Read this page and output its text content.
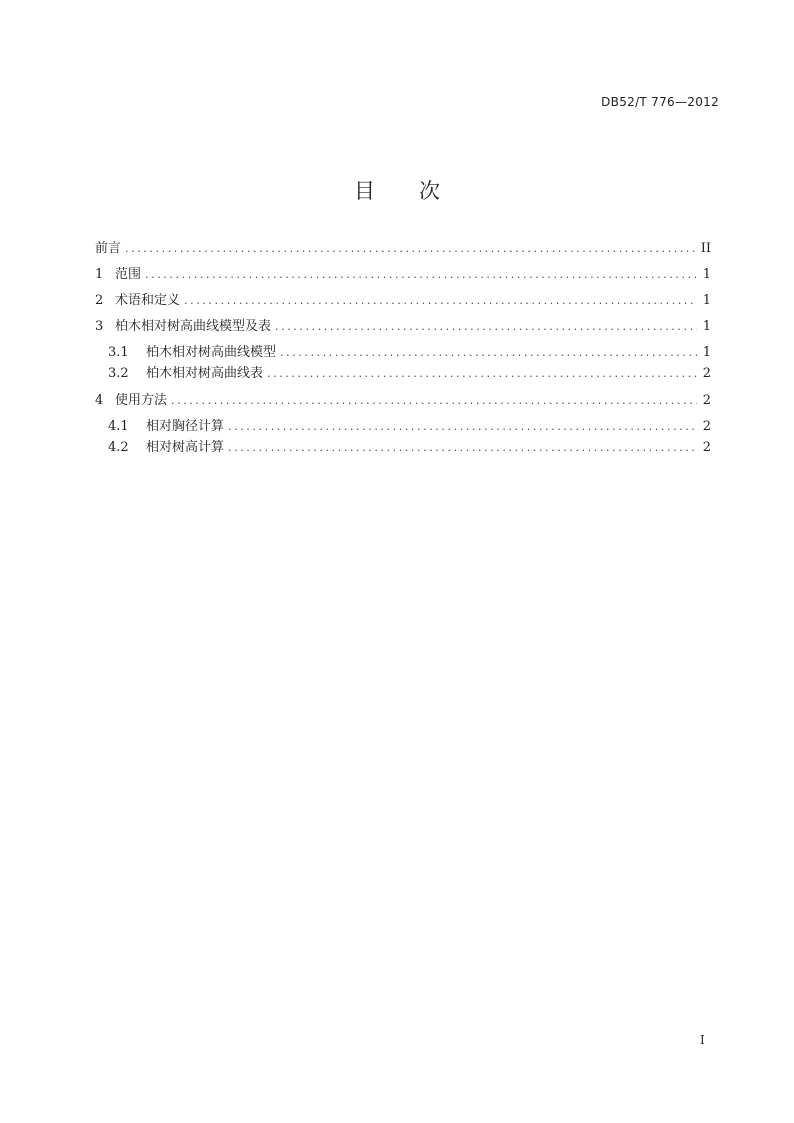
DB52/T 776—2012
目 次
前言 .....	II
1 范围 .....	1
2 术语和定义 .....	1
3 柏木相对树高曲线模型及表 .....	1
3.1	柏木相对树高曲线模型 .....	1
3.2	柏木相对树高曲线表 .....	2
4 使用方法 .....	2
4.1	相对胸径计算 .....	2
4.2	相对树高计算 .....	2
I
